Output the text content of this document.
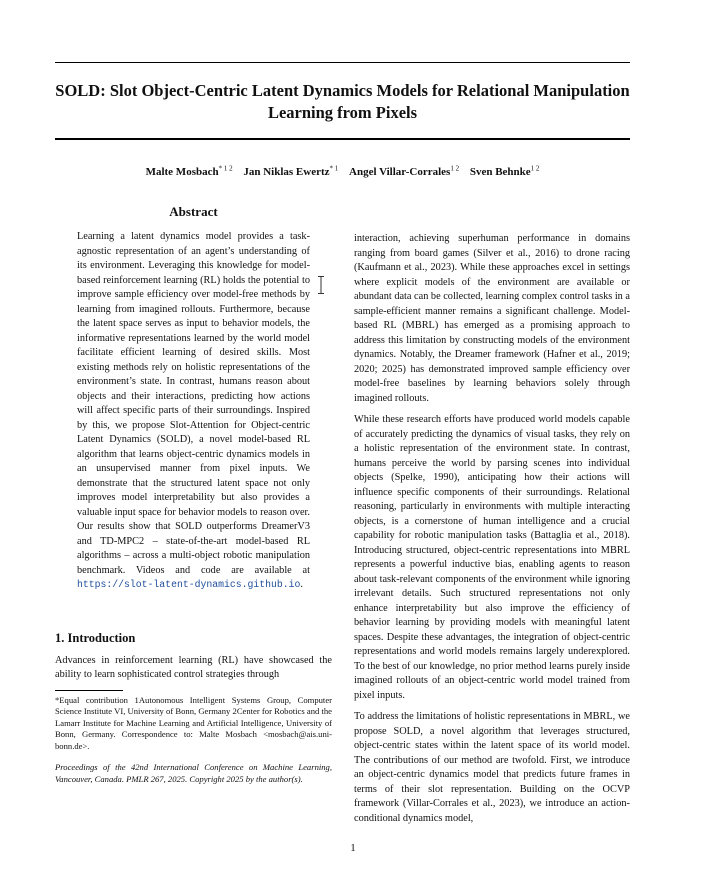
SOLD: Slot Object-Centric Latent Dynamics Models for Relational Manipulation Learning from Pixels
Malte Mosbach$^{* 1 2}$ Jan Niklas Ewertz$^{* 1}$ Angel Villar-Corrales$^{1 2}$ Sven Behnke$^{1 2}$
Abstract
Learning a latent dynamics model provides a task-agnostic representation of an agent’s understanding of its environment. Leveraging this knowledge for model-based reinforcement learning (RL) holds the potential to improve sample efficiency over model-free methods by learning from imagined rollouts. Furthermore, because the latent space serves as input to behavior models, the informative representations learned by the world model facilitate efficient learning of desired skills. Most existing methods rely on holistic representations of the environment’s state. In contrast, humans reason about objects and their interactions, predicting how actions will affect specific parts of their surroundings. Inspired by this, we propose Slot-Attention for Object-centric Latent Dynamics (SOLD), a novel model-based RL algorithm that learns object-centric dynamics models in an unsupervised manner from pixel inputs. We demonstrate that the structured latent space not only improves model interpretability but also provides a valuable input space for behavior models to reason over. Our results show that SOLD outperforms DreamerV3 and TD-MPC2 – state-of-the-art model-based RL algorithms – across a multi-object robotic manipulation benchmark. Videos and code are available at https://slot-latent-dynamics.github.io.
1. Introduction
Advances in reinforcement learning (RL) have showcased the ability to learn sophisticated control strategies through
*Equal contribution 1Autonomous Intelligent Systems Group, Computer Science Institute VI, University of Bonn, Germany 2Center for Robotics and the Lamarr Institute for Machine Learning and Artificial Intelligence, University of Bonn, Germany. Correspondence to: Malte Mosbach <mosbach@ais.uni-bonn.de>.
Proceedings of the 42nd International Conference on Machine Learning, Vancouver, Canada. PMLR 267, 2025. Copyright 2025 by the author(s).
interaction, achieving superhuman performance in domains ranging from board games (Silver et al., 2016) to drone racing (Kaufmann et al., 2023). While these approaches excel in settings where explicit models of the environment are available or abundant data can be collected, learning complex control tasks in a sample-efficient manner remains a significant challenge. Model-based RL (MBRL) has emerged as a promising approach to address this limitation by constructing models of the environment dynamics. Notably, the Dreamer framework (Hafner et al., 2019; 2020; 2025) has demonstrated improved sample efficiency over model-free baselines by learning behaviors solely through imagined rollouts.
While these research efforts have produced world models capable of accurately predicting the dynamics of visual tasks, they rely on a holistic representation of the environment state. In contrast, humans perceive the world by parsing scenes into individual objects (Spelke, 1990), anticipating how their actions will influence specific components of their surroundings. Relational reasoning, particularly in environments with multiple interacting objects, is a cornerstone of human intelligence and a crucial capability for robotic manipulation tasks (Battaglia et al., 2018). Introducing structured, object-centric representations into MBRL represents a powerful inductive bias, enabling agents to reason about task-relevant components of the environment while ignoring irrelevant details. Such structured representations not only enhance interpretability but also improve the efficiency of behavior learning by providing models with meaningful latent spaces. Despite these advantages, the integration of object-centric representations and world models remains largely underexplored. To the best of our knowledge, no prior method learns purely inside imagined rollouts of an object-centric world model trained from pixel inputs.
To address the limitations of holistic representations in MBRL, we propose SOLD, a novel algorithm that leverages structured, object-centric states within the latent space of its world model. The contributions of our method are twofold. First, we introduce an object-centric dynamics model that predicts future frames in terms of their slot representation. Building on the OCVP framework (Villar-Corrales et al., 2023), we introduce an action-conditional dynamics model,
1
